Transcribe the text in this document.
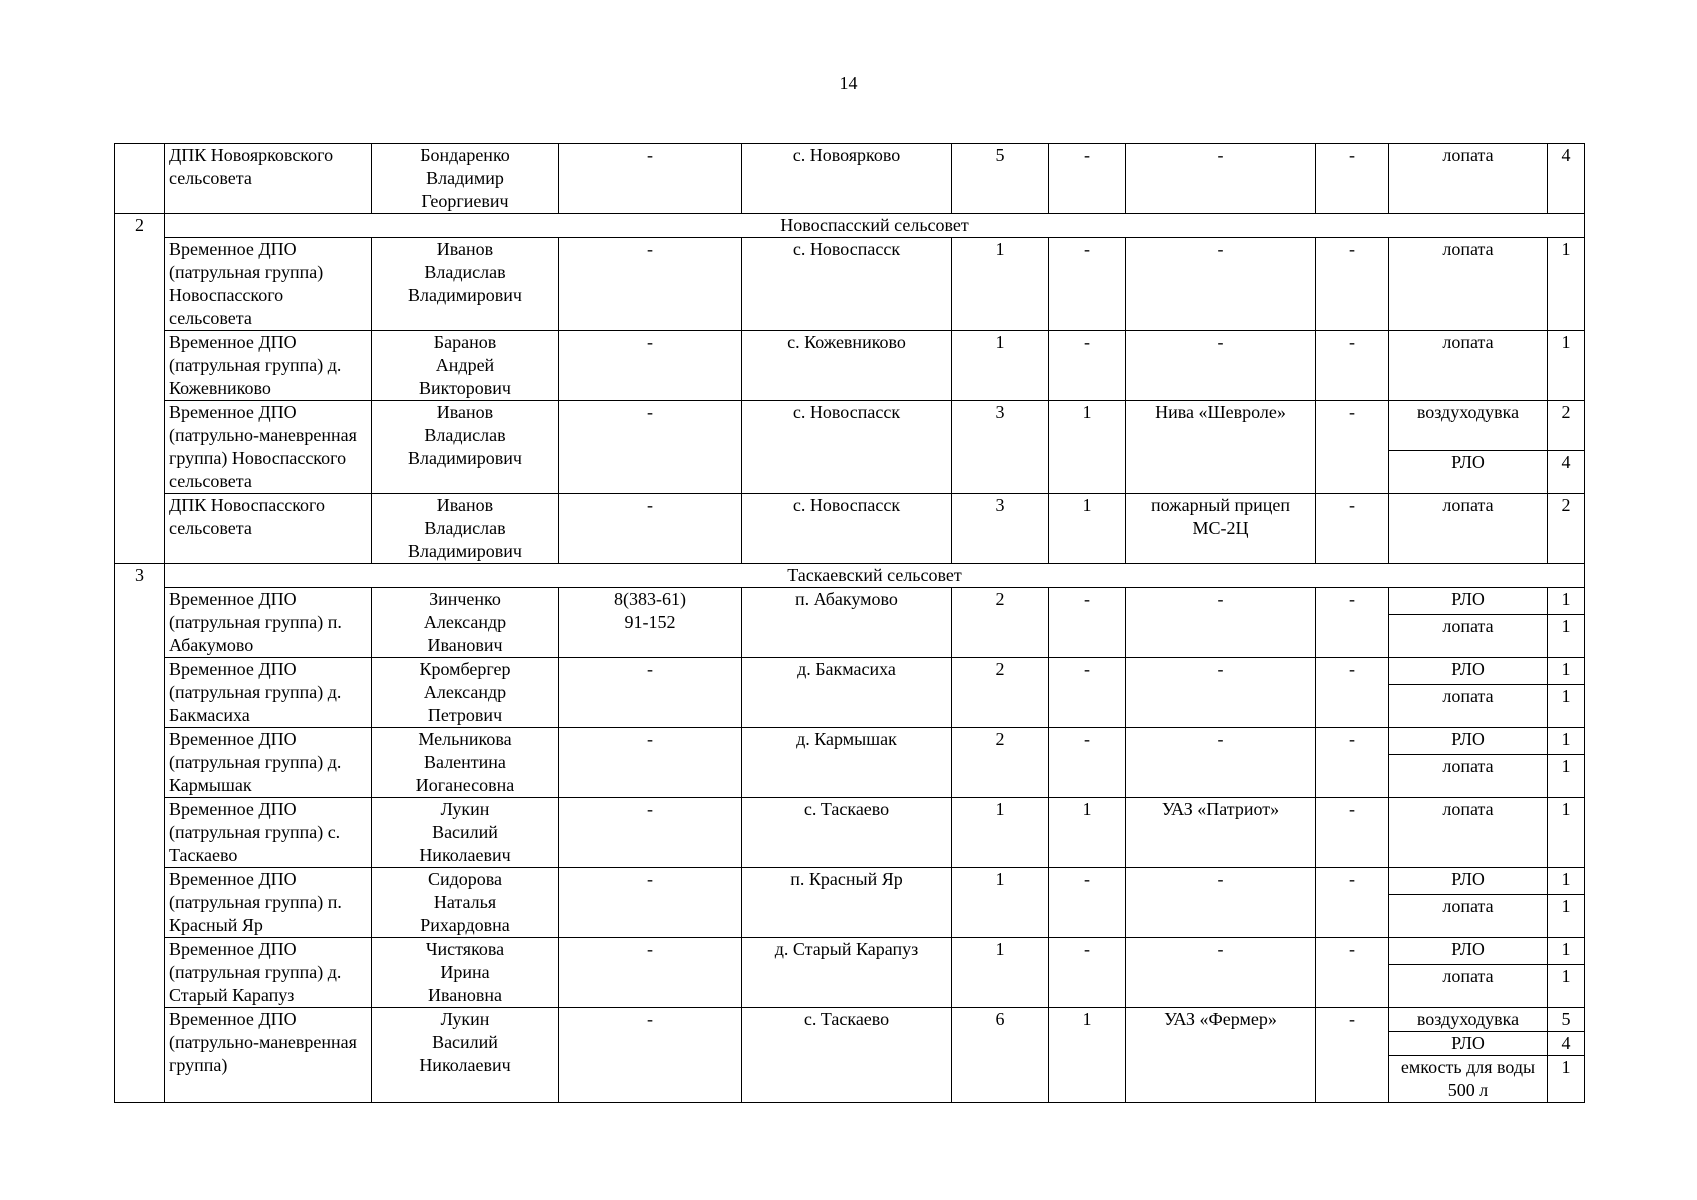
14
	ДПК Новоярковского сельсовета	Бондаренко
Владимир
Георгиевич	-	с. Новоярково	5	-	-	-	лопата	4
2	Новоспасский сельсовет									
	Временное ДПО (патрульная группа) Новоспасского сельсовета	Иванов
Владислав
Владимирович	-	с. Новоспасск	1	-	-	-	лопата	1
	Временное ДПО (патрульная группа) д. Кожевниково	Баранов
Андрей
Викторович	-	с. Кожевниково	1	-	-	-	лопата	1
	Временное ДПО (патрульно-маневренная группа) Новоспасского сельсовета	Иванов
Владислав
Владимирович	-	с. Новоспасск	3	1	Нива «Шевроле»	-	воздуходувка	2
									РЛО	4
	ДПК Новоспасского сельсовета	Иванов
Владислав
Владимирович	-	с. Новоспасск	3	1	пожарный прицеп МС-2Ц	-	лопата	2
3	Таскаевский сельсовет									
	Временное ДПО (патрульная группа) п. Абакумово	Зинченко
Александр
Иванович	8(383-61)
91-152	п. Абакумово	2	-	-	-	РЛО	1
									лопата	1
	Временное ДПО (патрульная группа) д. Бакмасиха	Кромбергер
Александр
Петрович	-	д. Бакмасиха	2	-	-	-	РЛО	1
									лопата	1
	Временное ДПО (патрульная группа) д. Кармышак	Мельникова
Валентина
Иоганесовна	-	д. Кармышак	2	-	-	-	РЛО	1
									лопата	1
	Временное ДПО (патрульная группа) с. Таскаево	Лукин
Василий
Николаевич	-	с. Таскаево	1	1	УАЗ «Патриот»	-	лопата	1
	Временное ДПО (патрульная группа) п. Красный Яр	Сидорова
Наталья
Рихардовна	-	п. Красный Яр	1	-	-	-	РЛО	1
									лопата	1
	Временное ДПО (патрульная группа) д. Старый Карапуз	Чистякова
Ирина
Ивановна	-	д. Старый Карапуз	1	-	-	-	РЛО	1
									лопата	1
	Временное ДПО (патрульно-маневренная группа)	Лукин
Василий
Николаевич	-	с. Таскаево	6	1	УАЗ «Фермер»	-	воздуходувка	5
									РЛО	4
									емкость для воды 500 л	1
